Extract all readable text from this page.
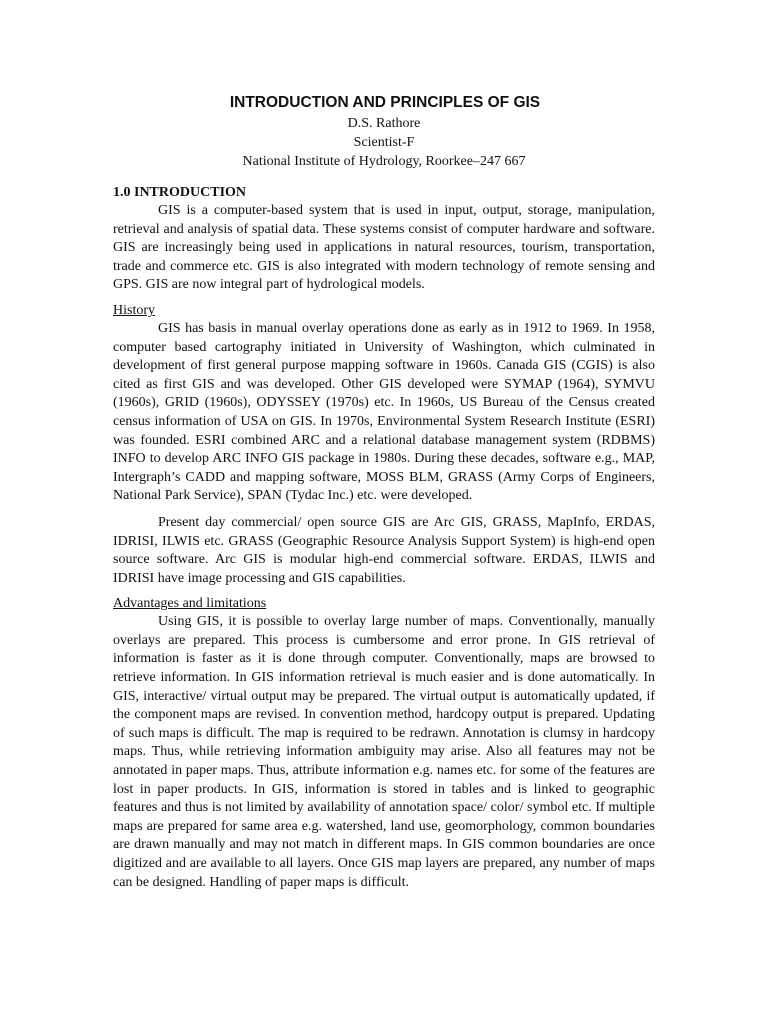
INTRODUCTION AND PRINCIPLES OF GIS

D.S. Rathore

Scientist-F

National Institute of Hydrology, Roorkee–247 667

1.0 INTRODUCTION

GIS is a computer-based system that is used in input, output, storage, manipulation, retrieval and analysis of spatial data. These systems consist of computer hardware and software. GIS are increasingly being used in applications in natural resources, tourism, transportation, trade and commerce etc. GIS is also integrated with modern technology of remote sensing and GPS. GIS are now integral part of hydrological models.

History

GIS has basis in manual overlay operations done as early as in 1912 to 1969. In 1958, computer based cartography initiated in University of Washington, which culminated in development of first general purpose mapping software in 1960s. Canada GIS (CGIS) is also cited as first GIS and was developed. Other GIS developed were SYMAP (1964), SYMVU (1960s), GRID (1960s), ODYSSEY (1970s) etc. In 1960s, US Bureau of the Census created census information of USA on GIS. In 1970s, Environmental System Research Institute (ESRI) was founded. ESRI combined ARC and a relational database management system (RDBMS) INFO to develop ARC INFO GIS package in 1980s. During these decades, software e.g., MAP, Intergraph’s CADD and mapping software, MOSS BLM, GRASS (Army Corps of Engineers, National Park Service), SPAN (Tydac Inc.) etc. were developed.

Present day commercial/ open source GIS are Arc GIS, GRASS, MapInfo, ERDAS, IDRISI, ILWIS etc. GRASS (Geographic Resource Analysis Support System) is high-end open source software. Arc GIS is modular high-end commercial software. ERDAS, ILWIS and IDRISI have image processing and GIS capabilities.

Advantages and limitations

Using GIS, it is possible to overlay large number of maps. Conventionally, manually overlays are prepared. This process is cumbersome and error prone. In GIS retrieval of information is faster as it is done through computer. Conventionally, maps are browsed to retrieve information. In GIS information retrieval is much easier and is done automatically. In GIS, interactive/ virtual output may be prepared. The virtual output is automatically updated, if the component maps are revised. In convention method, hardcopy output is prepared. Updating of such maps is difficult. The map is required to be redrawn. Annotation is clumsy in hardcopy maps. Thus, while retrieving information ambiguity may arise. Also all features may not be annotated in paper maps. Thus, attribute information e.g. names etc. for some of the features are lost in paper products. In GIS, information is stored in tables and is linked to geographic features and thus is not limited by availability of annotation space/ color/ symbol etc. If multiple maps are prepared for same area e.g. watershed, land use, geomorphology, common boundaries are drawn manually and may not match in different maps. In GIS common boundaries are once digitized and are available to all layers. Once GIS map layers are prepared, any number of maps can be designed. Handling of paper maps is difficult.
